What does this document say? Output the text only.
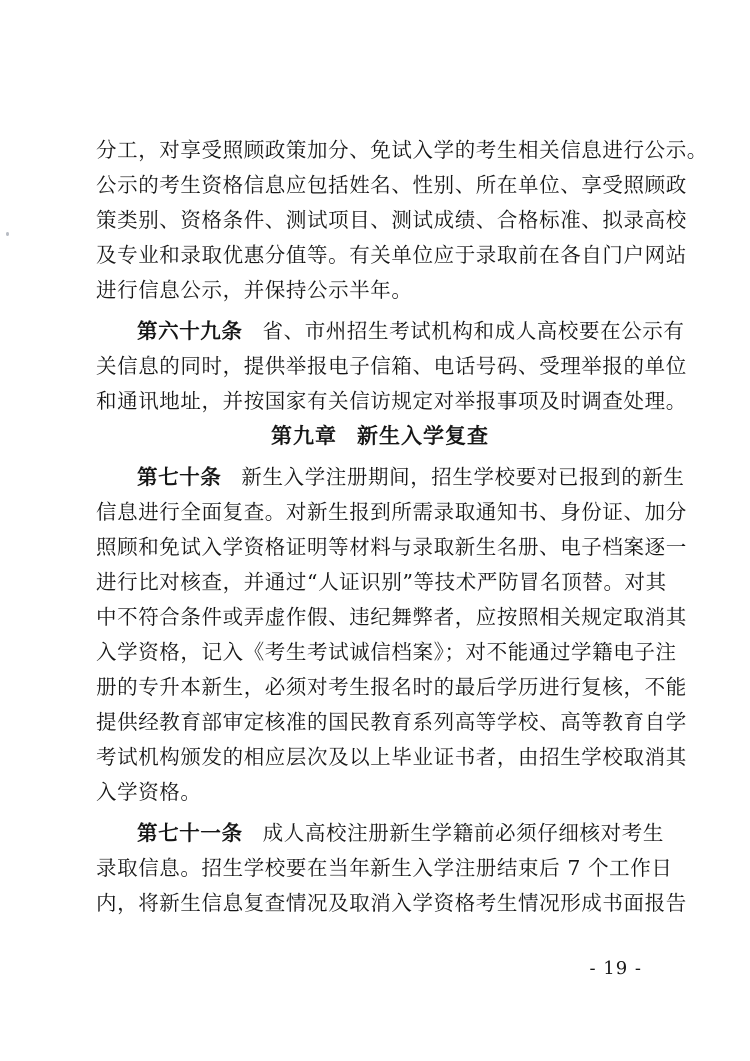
分工，对享受照顾政策加分、免试入学的考生相关信息进行公示。
公示的考生资格信息应包括姓名、性别、所在单位、享受照顾政
策类别、资格条件、测试项目、测试成绩、合格标准、拟录高校
及专业和录取优惠分值等。有关单位应于录取前在各自门户网站
进行信息公示，并保持公示半年。
第六十九条 省、市州招生考试机构和成人高校要在公示有
关信息的同时，提供举报电子信箱、电话号码、受理举报的单位
和通讯地址，并按国家有关信访规定对举报事项及时调查处理。
第九章 新生入学复查
第七十条 新生入学注册期间，招生学校要对已报到的新生
信息进行全面复查。对新生报到所需录取通知书、身份证、加分
照顾和免试入学资格证明等材料与录取新生名册、电子档案逐一
进行比对核查，并通过“人证识别”等技术严防冒名顶替。对其
中不符合条件或弄虚作假、违纪舞弊者，应按照相关规定取消其
入学资格，记入《考生考试诚信档案》；对不能通过学籍电子注
册的专升本新生，必须对考生报名时的最后学历进行复核，不能
提供经教育部审定核准的国民教育系列高等学校、高等教育自学
考试机构颁发的相应层次及以上毕业证书者，由招生学校取消其
入学资格。
第七十一条 成人高校注册新生学籍前必须仔细核对考生
录取信息。招生学校要在当年新生入学注册结束后 7 个工作日
内，将新生信息复查情况及取消入学资格考生情况形成书面报告
- 19 -
